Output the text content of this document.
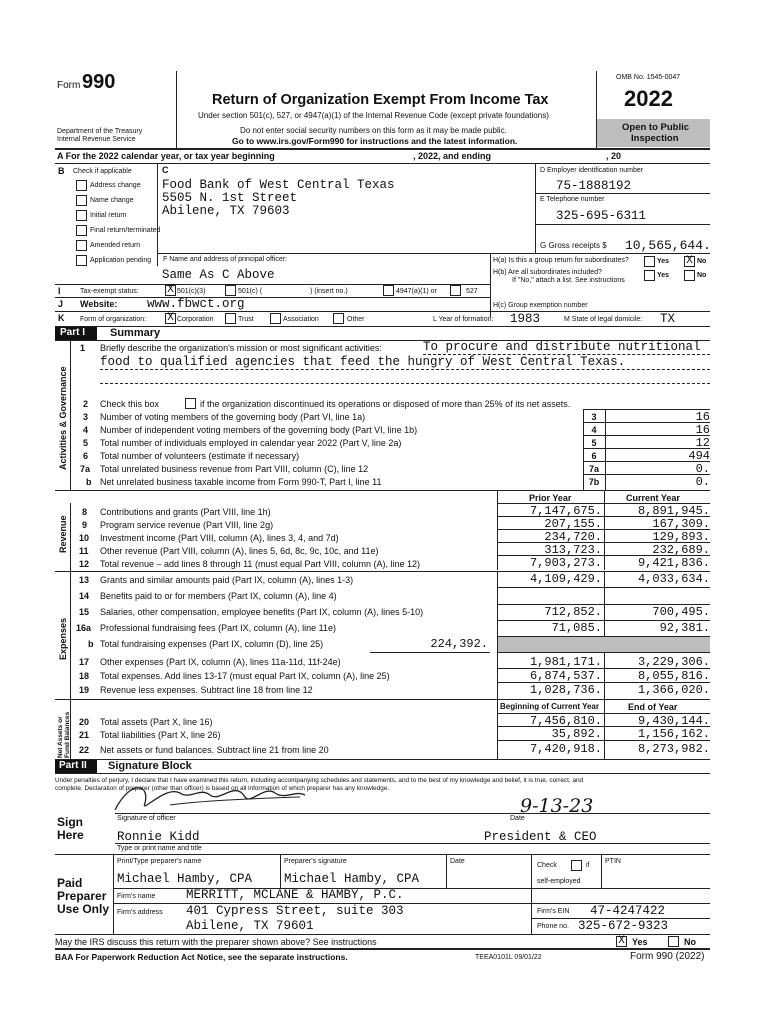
Form 990
Department of the Treasury
Internal Revenue Service
Return of Organization Exempt From Income Tax
Under section 501(c), 527, or 4947(a)(1) of the Internal Revenue Code (except private foundations)
Do not enter social security numbers on this form as it may be made public.
Go to www.irs.gov/Form990 for instructions and the latest information.
OMB No. 1545-0047
2022
Open to Public
Inspection
A For the 2022 calendar year, or tax year beginning	, 2022, and ending	, 20
B Check if applicable
Address change
Name change
Initial return
Final return/terminated
Amended return
Application pending
C
Food Bank of West Central Texas
5505 N. 1st Street
Abilene, TX 79603
D Employer identification number
75-1888192
E Telephone number
325-695-6311
G Gross receipts $ 10,565,644.
F Name and address of principal officer:
Same As C Above
H(a) Is this a group return for subordinates?	Yes X No
H(b) Are all subordinates included?
If "No," attach a list. See instructions
Yes	No
I	Tax-exempt status:	X 501(c)(3)	501(c) (	) (insert no.)	4947(a)(1) or	527
J Website: www.fbwct.org	H(c) Group exemption number
K Form of organization: X Corporation	Trust	Association	Other	L Year of formation: 1983	M State of legal domicile: TX
Part I Summary
Activities & Governance
1 Briefly describe the organization's mission or most significant activities:	To procure and distribute nutritional
food to qualified agencies that feed the hungry of West Central Texas.
2 Check this box	if the organization discontinued its operations or disposed of more than 25% of its net assets.
3 Number of voting members of the governing body (Part VI, line 1a)	3	16
4 Number of independent voting members of the governing body (Part VI, line 1b)	4	16
5 Total number of individuals employed in calendar year 2022 (Part V, line 2a)	5	12
6 Total number of volunteers (estimate if necessary)	6	494
7a Total unrelated business revenue from Part VIII, column (C), line 12	7a	0.
b Net unrelated business taxable income from Form 990-T, Part I, line 11	7b	0.
Prior Year	Current Year
Revenue
8 Contributions and grants (Part VIII, line 1h)	7,147,675.	8,891,945.
9 Program service revenue (Part VIII, line 2g)	207,155.	167,309.
10 Investment income (Part VIII, column (A), lines 3, 4, and 7d)	234,720.	129,893.
11 Other revenue (Part VIII, column (A), lines 5, 6d, 8c, 9c, 10c, and 11e)	313,723.	232,689.
12 Total revenue – add lines 8 through 11 (must equal Part VIII, column (A), line 12)	7,903,273.	9,421,836.
Expenses
13 Grants and similar amounts paid (Part IX, column (A), lines 1-3)	4,109,429.	4,033,634.
14 Benefits paid to or for members (Part IX, column (A), line 4)
15 Salaries, other compensation, employee benefits (Part IX, column (A), lines 5-10)	712,852.	700,495.
16a Professional fundraising fees (Part IX, column (A), line 11e)	71,085.	92,381.
b Total fundraising expenses (Part IX, column (D), line 25)	224,392.
17 Other expenses (Part IX, column (A), lines 11a-11d, 11f-24e)	1,981,171.	3,229,306.
18 Total expenses. Add lines 13-17 (must equal Part IX, column (A), line 25)	6,874,537.	8,055,816.
19 Revenue less expenses. Subtract line 18 from line 12	1,028,736.	1,366,020.
Beginning of Current Year	End of Year
Net Assets or Fund Balances 20 Total assets (Part X, line 16)	7,456,810.	9,430,144.
21 Total liabilities (Part X, line 26)	35,892.	1,156,162.
22 Net assets or fund balances. Subtract line 21 from line 20	7,420,918.	8,273,982.
Part II Signature Block
Under penalties of perjury, I declare that I have examined this return, including accompanying schedules and statements, and to the best of my knowledge and belief, it is true, correct, and
complete. Declaration of preparer (other than officer) is based on all information of which preparer has any knowledge.
Sign
Here
Signature of officer	Date
9-13-23
Ronnie Kidd	President & CEO
Type or print name and title
Paid
Preparer
Use Only
Print/Type preparer's name	Preparer's signature	Date
Check	if
self-employed
PTIN
Michael Hamby, CPA	Michael Hamby, CPA
Firm's name MERRITT, MCLANE & HAMBY, P.C.
Firm's address 401 Cypress Street, suite 303
Abilene, TX 79601
Firm's EIN 47-4247422
Phone no. 325-672-9323
May the IRS discuss this return with the preparer shown above? See instructions	X Yes	No
BAA For Paperwork Reduction Act Notice, see the separate instructions.	TEEA0101L 09/01/22	Form 990 (2022)
